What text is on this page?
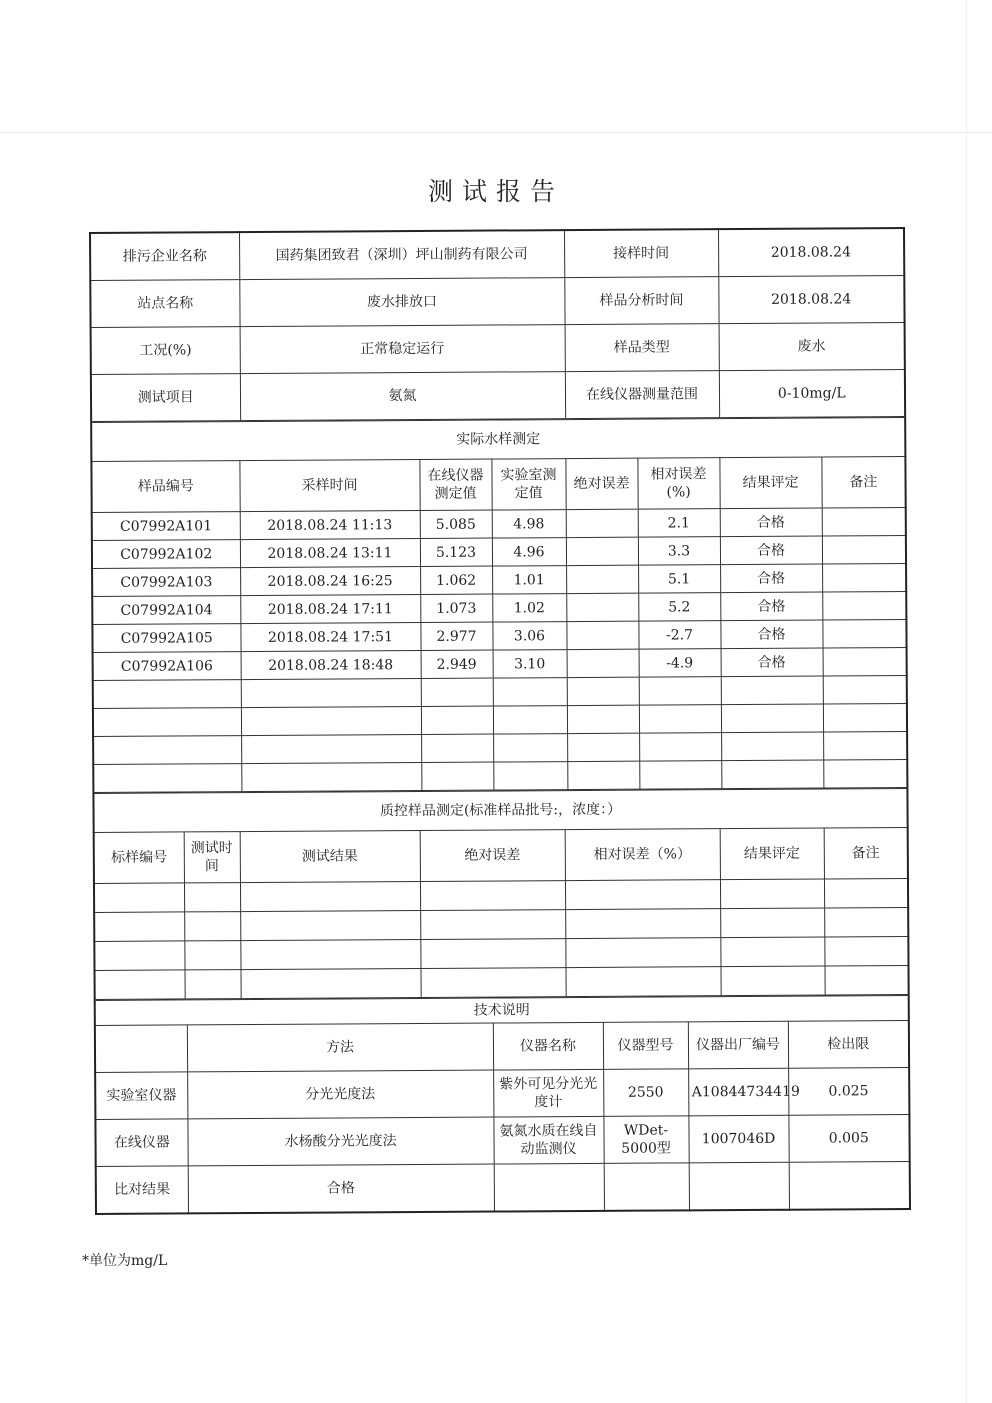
测试报告
排污企业名称	国药集团致君（深圳）坪山制药有限公司	接样时间	2018.08.24
站点名称	废水排放口	样品分析时间	2018.08.24
工况(%)	正常稳定运行	样品类型	废水
测试项目	氨氮	在线仪器测量范围	0-10mg/L
实际水样测定							
样品编号	采样时间	在线仪器测定值	实验室测定值	绝对误差	相对误差(%)	结果评定	备注
C07992A101	2018.08.24 11:13	5.085	4.98		2.1	合格	
C07992A102	2018.08.24 13:11	5.123	4.96		3.3	合格	
C07992A103	2018.08.24 16:25	1.062	1.01		5.1	合格	
C07992A104	2018.08.24 17:11	1.073	1.02		5.2	合格	
C07992A105	2018.08.24 17:51	2.977	3.06		-2.7	合格	
C07992A106	2018.08.24 18:48	2.949	3.10		-4.9	合格	

质控样品测定(标准样品批号:，浓度：）						
标样编号	测试时间	测试结果	绝对误差	相对误差（%）	结果评定	备注

技术说明					
	方法	仪器名称	仪器型号	仪器出厂编号	检出限
实验室仪器	分光光度法	紫外可见分光光度计	2550	A10844734419	0.025
在线仪器	水杨酸分光光度法	氨氮水质在线自动监测仪	WDet-5000型	1007046D	0.005
比对结果	合格				
*单位为mg/L
